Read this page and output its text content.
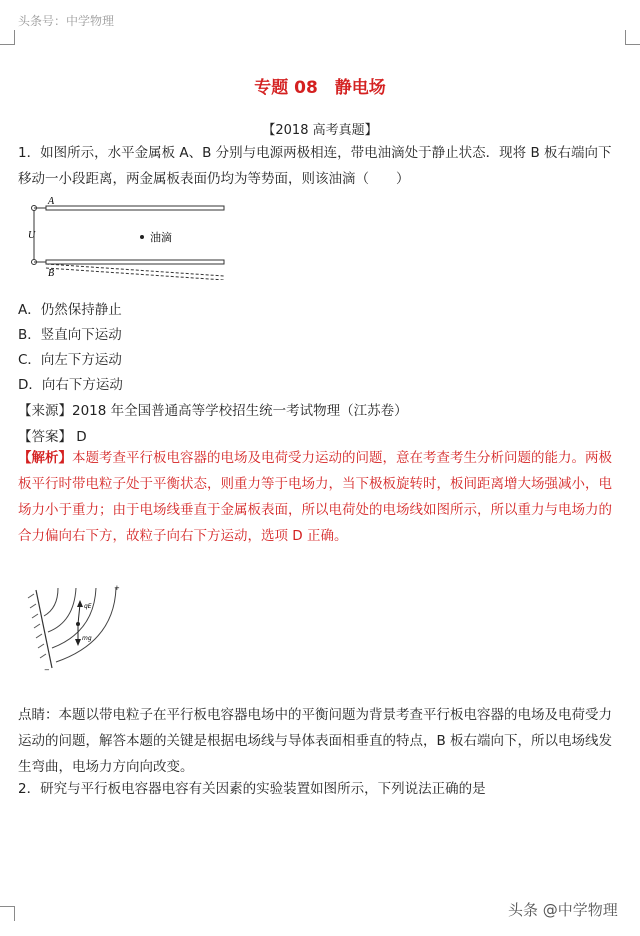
头条号：中学物理
专题 08　静电场
【2018 高考真题】
1．如图所示，水平金属板 A、B 分别与电源两极相连，带电油滴处于静止状态．现将 B 板右端向下移动一小段距离，两金属板表面仍均为等势面，则该油滴（　　）
A
B
U	油滴
A．仍然保持静止
B．竖直向下运动
C．向左下方运动
D．向右下方运动
【来源】2018 年全国普通高等学校招生统一考试物理（江苏卷）
【答案】 D
【解析】本题考查平行板电容器的电场及电荷受力运动的问题，意在考查考生分析问题的能力。两极板平行时带电粒子处于平衡状态，则重力等于电场力，当下极板旋转时，板间距离增大场强减小，电场力小于重力；由于电场线垂直于金属板表面，所以电荷处的电场线如图所示，所以重力与电场力的合力偏向右下方，故粒子向右下方运动，选项 D 正确。
qE
mg
+
−
点睛：本题以带电粒子在平行板电容器电场中的平衡问题为背景考查平行板电容器的电场及电荷受力运动的问题，解答本题的关键是根据电场线与导体表面相垂直的特点，B 板右端向下，所以电场线发生弯曲，电场力方向向改变。
2．研究与平行板电容器电容有关因素的实验装置如图所示，下列说法正确的是
头条 @中学物理
